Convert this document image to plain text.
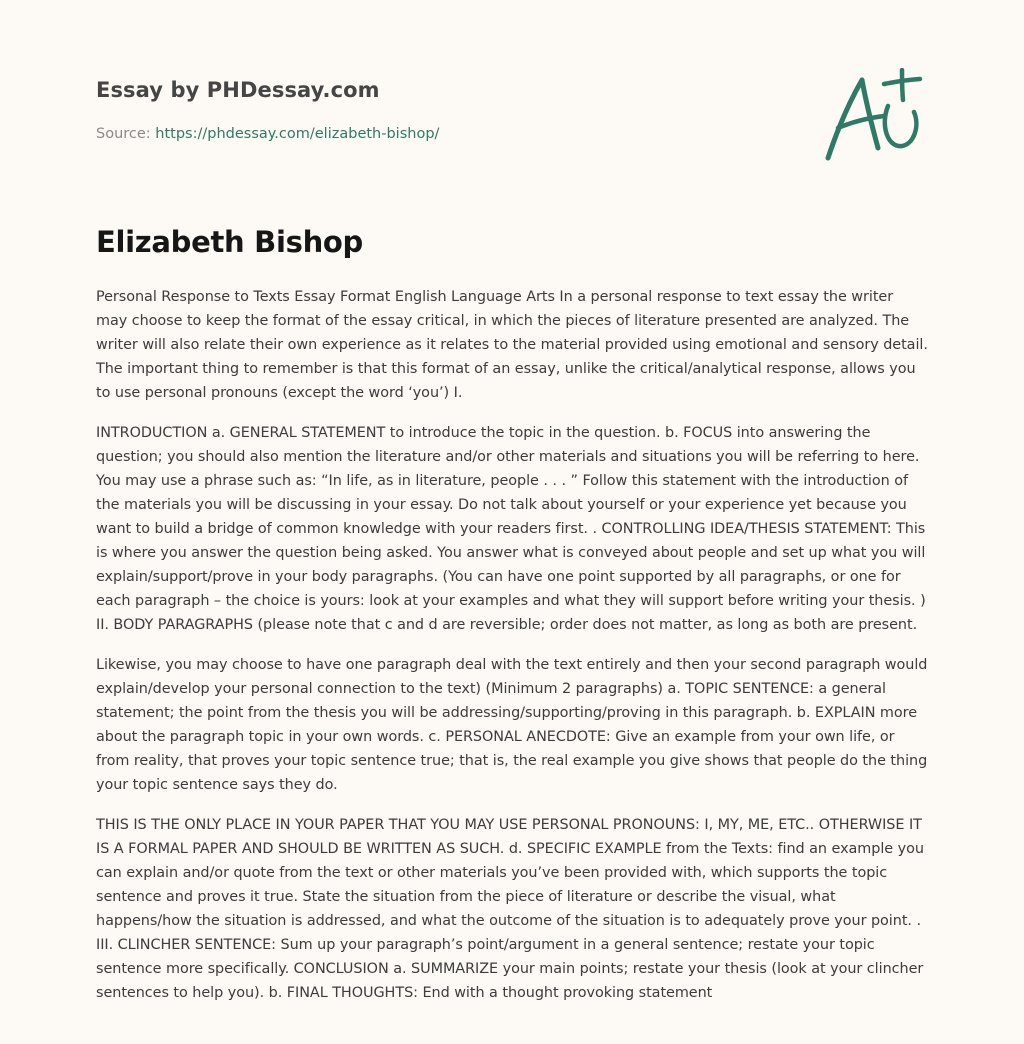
Essay by PHDessay.com
Source: https://phdessay.com/elizabeth-bishop/
Elizabeth Bishop

Personal Response to Texts Essay Format English Language Arts In a personal response to text essay the writer may choose to keep the format of the essay critical, in which the pieces of literature presented are analyzed. The writer will also relate their own experience as it relates to the material provided using emotional and sensory detail. The important thing to remember is that this format of an essay, unlike the critical/analytical response, allows you to use personal pronouns (except the word ‘you’) I.

INTRODUCTION a. GENERAL STATEMENT to introduce the topic in the question. b. FOCUS into answering the question; you should also mention the literature and/or other materials and situations you will be referring to here. You may use a phrase such as: “In life, as in literature, people . . . ” Follow this statement with the introduction of the materials you will be discussing in your essay. Do not talk about yourself or your experience yet because you want to build a bridge of common knowledge with your readers first. . CONTROLLING IDEA/THESIS STATEMENT: This is where you answer the question being asked. You answer what is conveyed about people and set up what you will explain/support/prove in your body paragraphs. (You can have one point supported by all paragraphs, or one for each paragraph – the choice is yours: look at your examples and what they will support before writing your thesis. ) II. BODY PARAGRAPHS (please note that c and d are reversible; order does not matter, as long as both are present.

Likewise, you may choose to have one paragraph deal with the text entirely and then your second paragraph would explain/develop your personal connection to the text) (Minimum 2 paragraphs) a. TOPIC SENTENCE: a general statement; the point from the thesis you will be addressing/supporting/proving in this paragraph. b. EXPLAIN more about the paragraph topic in your own words. c. PERSONAL ANECDOTE: Give an example from your own life, or from reality, that proves your topic sentence true; that is, the real example you give shows that people do the thing your topic sentence says they do.

THIS IS THE ONLY PLACE IN YOUR PAPER THAT YOU MAY USE PERSONAL PRONOUNS: I, MY, ME, ETC.. OTHERWISE IT IS A FORMAL PAPER AND SHOULD BE WRITTEN AS SUCH. d. SPECIFIC EXAMPLE from the Texts: find an example you can explain and/or quote from the text or other materials you’ve been provided with, which supports the topic sentence and proves it true. State the situation from the piece of literature or describe the visual, what happens/how the situation is addressed, and what the outcome of the situation is to adequately prove your point. . III. CLINCHER SENTENCE: Sum up your paragraph’s point/argument in a general sentence; restate your topic sentence more specifically. CONCLUSION a. SUMMARIZE your main points; restate your thesis (look at your clincher sentences to help you). b. FINAL THOUGHTS: End with a thought provoking statement
